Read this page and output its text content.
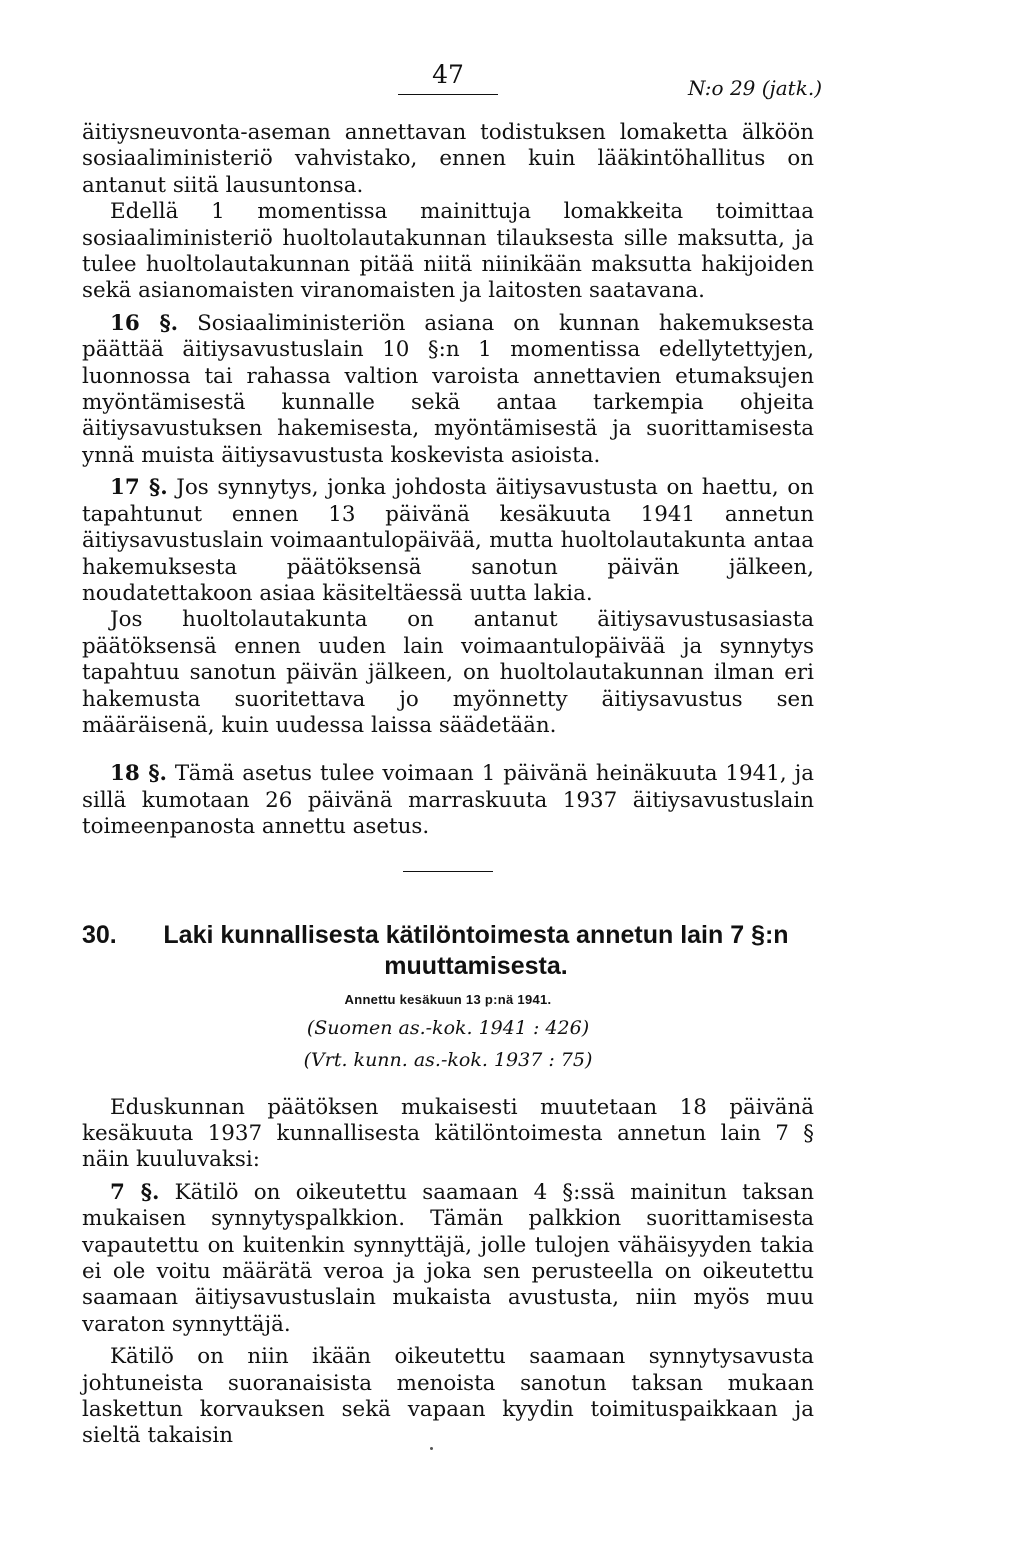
47	N:o 29 (jatk.)

äitiysneuvonta-aseman annettavan todistuksen lomaketta älköön sosiaaliministeriö vahvistako, ennen kuin lääkintöhallitus on antanut siitä lausuntonsa.

Edellä 1 momentissa mainittuja lomakkeita toimittaa sosiaaliministeriö huoltolautakunnan tilauksesta sille maksutta, ja tulee huoltolautakunnan pitää niitä niinikään maksutta hakijoiden sekä asianomaisten viranomaisten ja laitosten saatavana.

16 §. Sosiaaliministeriön asiana on kunnan hakemuksesta päättää äitiysavustuslain 10 §:n 1 momentissa edellytettyjen, luonnossa tai rahassa valtion varoista annettavien etumaksujen myöntämisestä kunnalle sekä antaa tarkempia ohjeita äitiysavustuksen hakemisesta, myöntämisestä ja suorittamisesta ynnä muista äitiysavustusta koskevista asioista.

17 §. Jos synnytys, jonka johdosta äitiysavustusta on haettu, on tapahtunut ennen 13 päivänä kesäkuuta 1941 annetun äitiysavustuslain voimaantulopäivää, mutta huoltolautakunta antaa hakemuksesta päätöksensä sanotun päivän jälkeen, noudatettakoon asiaa käsiteltäessä uutta lakia.

Jos huoltolautakunta on antanut äitiysavustusasiasta päätöksensä ennen uuden lain voimaantulopäivää ja synnytys tapahtuu sanotun päivän jälkeen, on huoltolautakunnan ilman eri hakemusta suoritettava jo myönnetty äitiysavustus sen määräisenä, kuin uudessa laissa säädetään.

18 §. Tämä asetus tulee voimaan 1 päivänä heinäkuuta 1941, ja sillä kumotaan 26 päivänä marraskuuta 1937 äitiysavustuslain toimeenpanosta annettu asetus.

30.	Laki kunnallisesta kätilöntoimesta annetun lain 7 §:n muuttamisesta.
Annettu kesäkuun 13 p:nä 1941.
(Suomen as.-kok. 1941 : 426)
(Vrt. kunn. as.-kok. 1937 : 75)

Eduskunnan päätöksen mukaisesti muutetaan 18 päivänä kesäkuuta 1937 kunnallisesta kätilöntoimesta annetun lain 7 § näin kuuluvaksi:

7 §. Kätilö on oikeutettu saamaan 4 §:ssä mainitun taksan mukaisen synnytyspalkkion. Tämän palkkion suorittamisesta vapautettu on kuitenkin synnyttäjä, jolle tulojen vähäisyyden takia ei ole voitu määrätä veroa ja joka sen perusteella on oikeutettu saamaan äitiysavustuslain mukaista avustusta, niin myös muu varaton synnyttäjä.

Kätilö on niin ikään oikeutettu saamaan synnytysavusta johtuneista suoranaisista menoista sanotun taksan mukaan laskettun korvauksen sekä vapaan kyydin toimituspaikkaan ja sieltä takaisin
